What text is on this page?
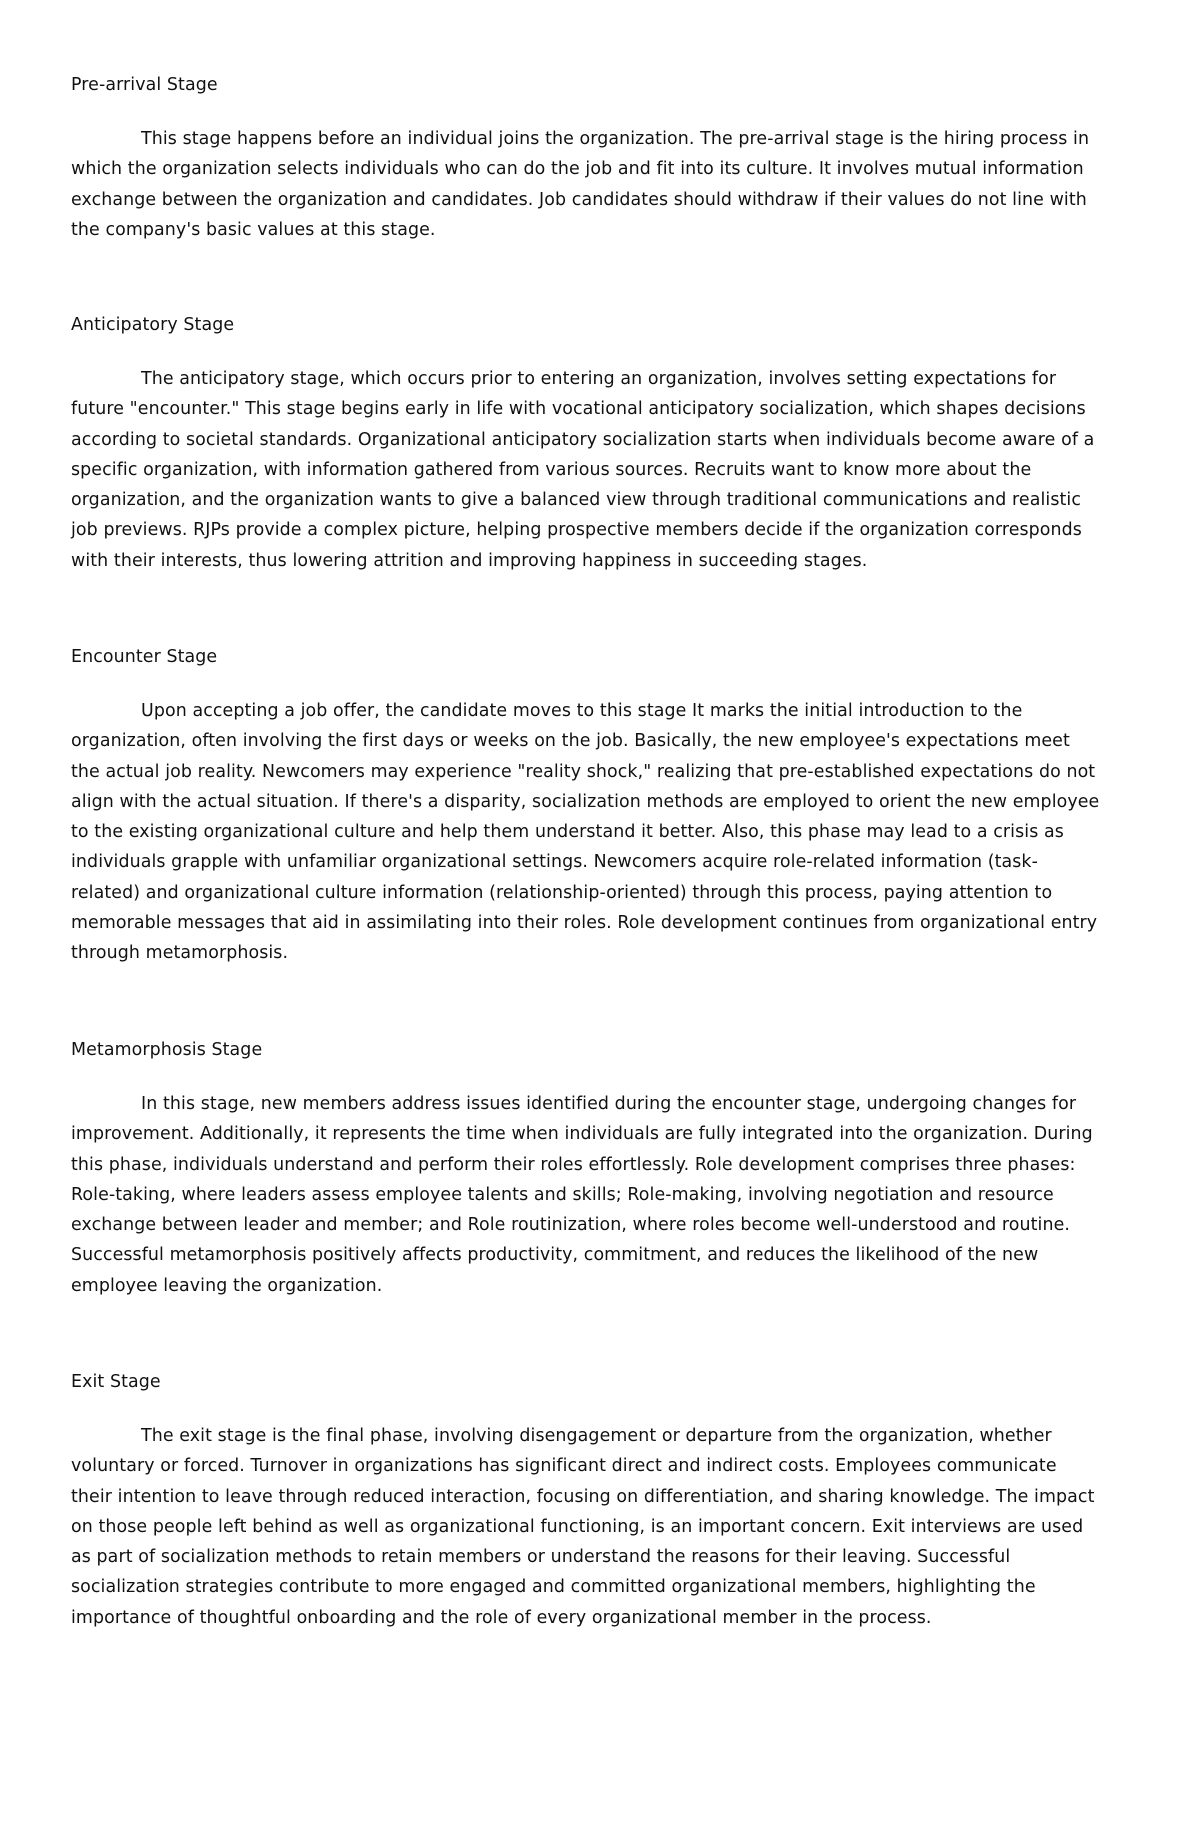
Pre-arrival Stage

This stage happens before an individual joins the organization. The pre-arrival stage is the hiring process in which the organization selects individuals who can do the job and fit into its culture. It involves mutual information exchange between the organization and candidates. Job candidates should withdraw if their values do not line with the company's basic values at this stage.

Anticipatory Stage

The anticipatory stage, which occurs prior to entering an organization, involves setting expectations for future "encounter." This stage begins early in life with vocational anticipatory socialization, which shapes decisions according to societal standards. Organizational anticipatory socialization starts when individuals become aware of a specific organization, with information gathered from various sources. Recruits want to know more about the organization, and the organization wants to give a balanced view through traditional communications and realistic job previews. RJPs provide a complex picture, helping prospective members decide if the organization corresponds with their interests, thus lowering attrition and improving happiness in succeeding stages.

Encounter Stage

Upon accepting a job offer, the candidate moves to this stage It marks the initial introduction to the organization, often involving the first days or weeks on the job. Basically, the new employee's expectations meet the actual job reality. Newcomers may experience "reality shock," realizing that pre-established expectations do not align with the actual situation. If there's a disparity, socialization methods are employed to orient the new employee to the existing organizational culture and help them understand it better. Also, this phase may lead to a crisis as individuals grapple with unfamiliar organizational settings. Newcomers acquire role-related information (task-related) and organizational culture information (relationship-oriented) through this process, paying attention to memorable messages that aid in assimilating into their roles. Role development continues from organizational entry through metamorphosis.

Metamorphosis Stage

In this stage, new members address issues identified during the encounter stage, undergoing changes for improvement. Additionally, it represents the time when individuals are fully integrated into the organization. During this phase, individuals understand and perform their roles effortlessly. Role development comprises three phases: Role-taking, where leaders assess employee talents and skills; Role-making, involving negotiation and resource exchange between leader and member; and Role routinization, where roles become well-understood and routine. Successful metamorphosis positively affects productivity, commitment, and reduces the likelihood of the new employee leaving the organization.

Exit Stage

The exit stage is the final phase, involving disengagement or departure from the organization, whether voluntary or forced. Turnover in organizations has significant direct and indirect costs. Employees communicate their intention to leave through reduced interaction, focusing on differentiation, and sharing knowledge. The impact on those people left behind as well as organizational functioning, is an important concern. Exit interviews are used as part of socialization methods to retain members or understand the reasons for their leaving. Successful socialization strategies contribute to more engaged and committed organizational members, highlighting the importance of thoughtful onboarding and the role of every organizational member in the process.
